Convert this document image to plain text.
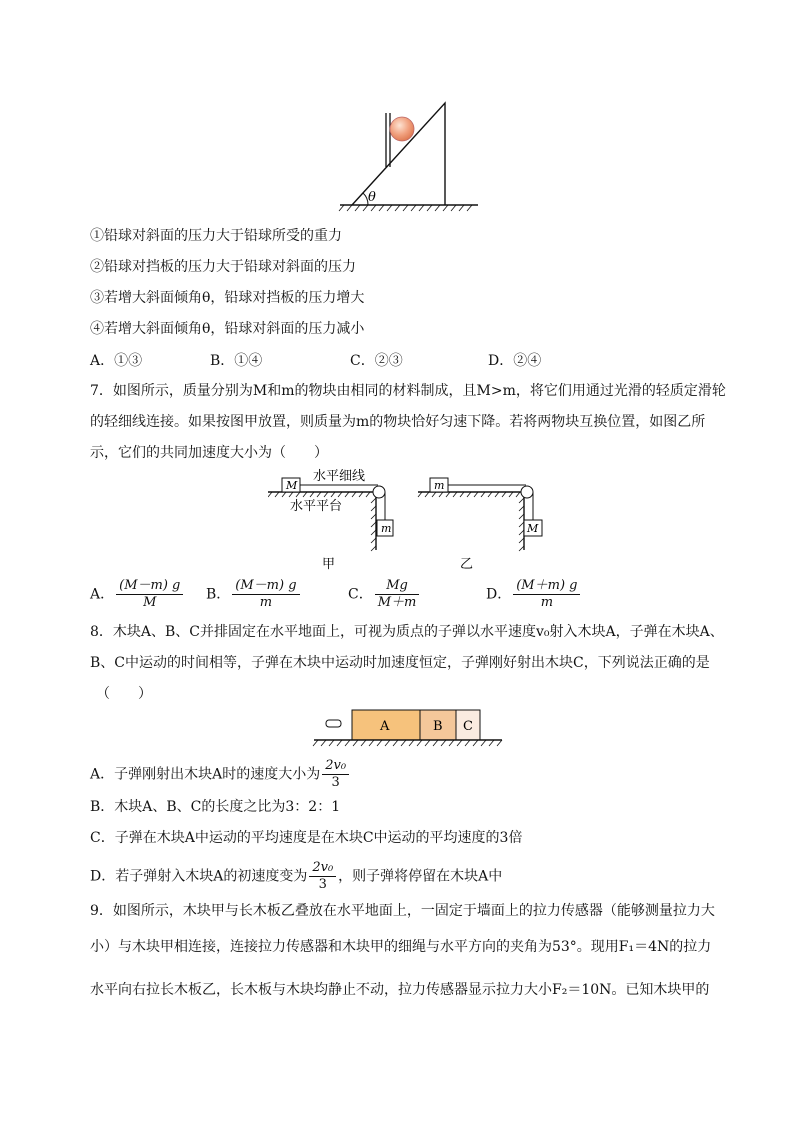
θ
①铅球对斜面的压力大于铅球所受的重力
②铅球对挡板的压力大于铅球对斜面的压力
③若增大斜面倾角θ，铅球对挡板的压力增大
④若增大斜面倾角θ，铅球对斜面的压力减小
A．①③	B．①④	C．②③	D．②④
7．如图所示，质量分别为M和m的物块由相同的材料制成，且M>m，将它们用通过光滑的轻质定滑轮
的轻细线连接。如果按图甲放置，则质量为m的物块恰好匀速下降。若将两物块互换位置，如图乙所
示，它们的共同加速度大小为（　　）
M
m
水平细线
水平平台
甲
m
M
乙
A． $\frac{(M-m) g}{M}$ B． $\frac{(M-m) g}{m}$	C． $\frac{Mg}{M+m}$	D． $\frac{(M+m) g}{m}$
8．木块A、B、C并排固定在水平地面上，可视为质点的子弹以水平速度v₀射入木块A，子弹在木块A、
B、C中运动的时间相等，子弹在木块中运动时加速度恒定，子弹刚好射出木块C，下列说法正确的是
（　　）
A	B C
A．子弹刚射出木块A时的速度大小为 $\frac{\text{2v₀}}{3}$
B．木块A、B、C的长度之比为3：2：1
C．子弹在木块A中运动的平均速度是在木块C中运动的平均速度的3倍
D．若子弹射入木块A的初速度变为 $\frac{\text{2v₀}}{3}$ ，则子弹将停留在木块A中
9．如图所示，木块甲与长木板乙叠放在水平地面上，一固定于墙面上的拉力传感器（能够测量拉力大
小）与木块甲相连接，连接拉力传感器和木块甲的细绳与水平方向的夹角为53°。现用F₁＝4N的拉力
水平向右拉长木板乙，长木板与木块均静止不动，拉力传感器显示拉力大小F₂＝10N。已知木块甲的
